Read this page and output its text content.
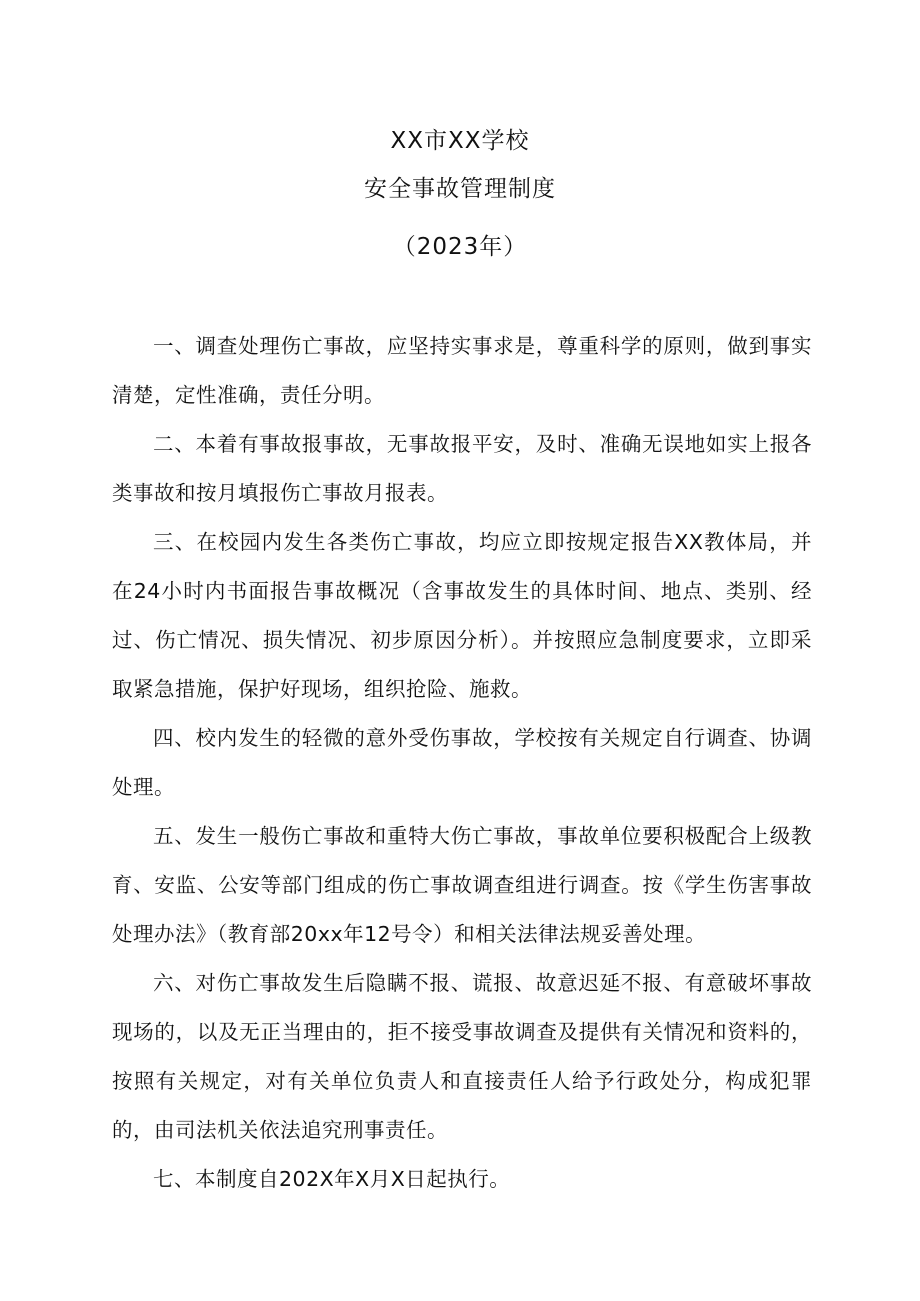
XX市XX学校
安全事故管理制度
（2023年）

一、调查处理伤亡事故，应坚持实事求是，尊重科学的原则，做到事实清楚，定性准确，责任分明。

二、本着有事故报事故，无事故报平安，及时、准确无误地如实上报各类事故和按月填报伤亡事故月报表。

三、在校园内发生各类伤亡事故，均应立即按规定报告XX教体局，并在24小时内书面报告事故概况（含事故发生的具体时间、地点、类别、经过、伤亡情况、损失情况、初步原因分析）。并按照应急制度要求，立即采取紧急措施，保护好现场，组织抢险、施救。

四、校内发生的轻微的意外受伤事故，学校按有关规定自行调查、协调处理。

五、发生一般伤亡事故和重特大伤亡事故，事故单位要积极配合上级教育、安监、公安等部门组成的伤亡事故调查组进行调查。按《学生伤害事故处理办法》（教育部20xx年12号令）和相关法律法规妥善处理。

六、对伤亡事故发生后隐瞒不报、谎报、故意迟延不报、有意破坏事故现场的，以及无正当理由的，拒不接受事故调查及提供有关情况和资料的，按照有关规定，对有关单位负责人和直接责任人给予行政处分，构成犯罪的，由司法机关依法追究刑事责任。

七、本制度自202X年X月X日起执行。
